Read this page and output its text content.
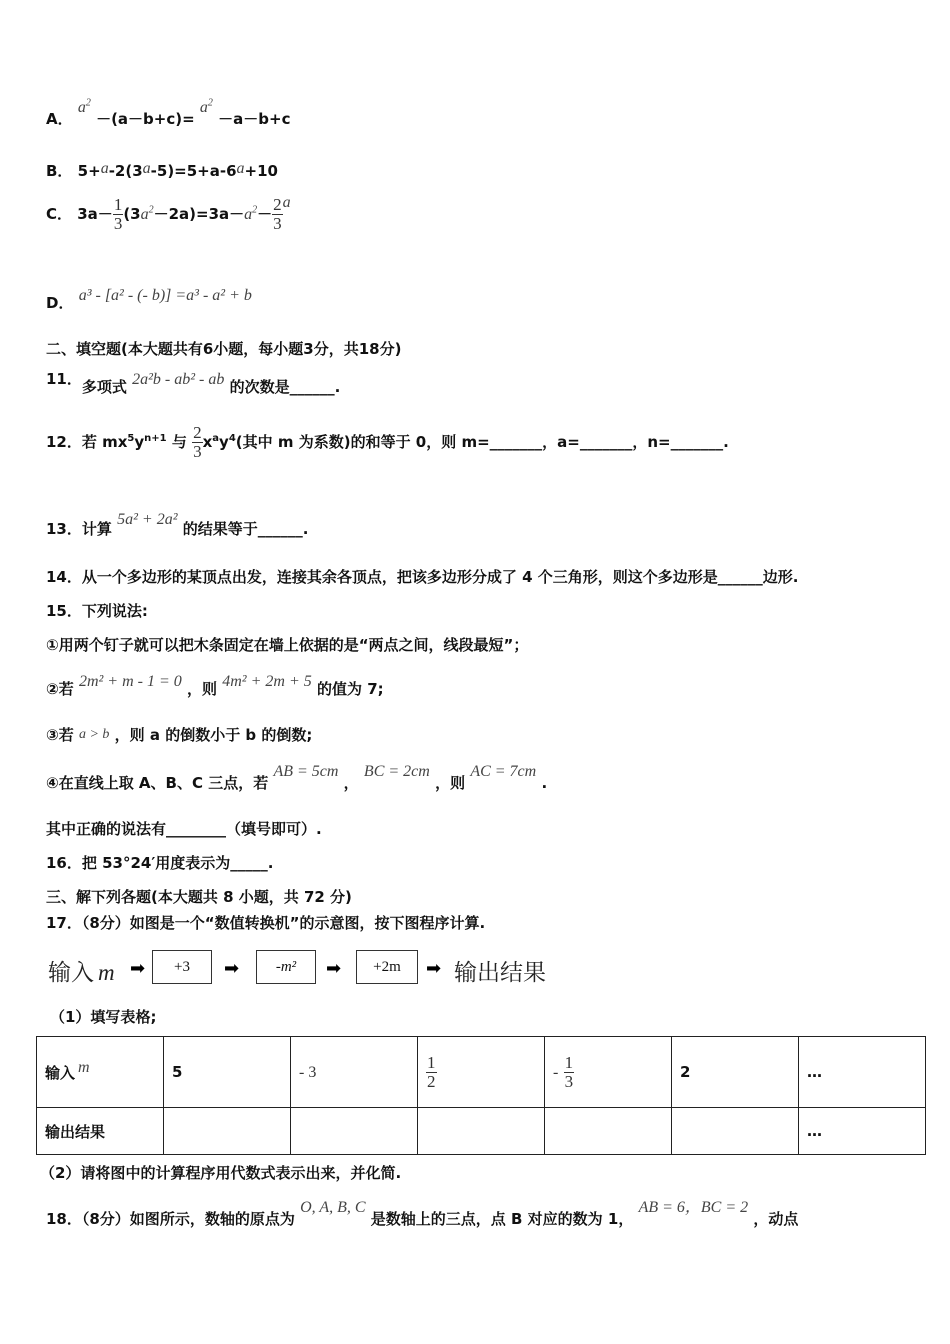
A． $a^2 -(a-b+c)= a^2 -a-b+c$
B． 5+a-2(3a-5)=5+a-6a+10
C． $3a- \frac{1}{3} (3a^2-2a)=3a-a^2- \frac{2}{3}$ a
D． a³ - [a² - (- b)] =a³ - a² + b
二、填空题(本大题共有6小题，每小题3分，共18分)
11．多项式 2a²b - ab² - ab 的次数是______.
12．若 $mx^5y^{n+1}$ 与 $\frac{2}{3} x^ay^4$(其中 m 为系数)的和等于 0，则 m=_______，a=_______，n=_______.
13．计算 5a² + 2a² 的结果等于______.
14．从一个多边形的某顶点出发，连接其余各顶点，把该多边形分成了 4 个三角形，则这个多边形是______边形.
15．下列说法:
①用两个钉子就可以把木条固定在墙上依据的是“两点之间，线段最短”；
②若 2m² + m - 1 = 0 ，则 4m² + 2m + 5 的值为 7;
③若 a > b ，则 a 的倒数小于 b 的倒数;
④在直线上取 A、B、C 三点，若 AB = 5cm ， BC = 2cm ，则 AC = 7cm .
其中正确的说法有________（填号即可）.
16．把 53°24′用度表示为_____.
三、解下列各题(本大题共 8 小题，共 72 分)
17．（8分）如图是一个“数值转换机”的示意图，按下图程序计算.
输入 m ➡	+3	➡	-m²	➡	+2m	➡ 输出结果
（1）填写表格;
输入 m	5	- 3	$\frac{1}{2}$	- $\frac{1}{3}$	2	…
输出结果						…
（2）请将图中的计算程序用代数式表示出来，并化简.
18．（8分）如图所示，数轴的原点为 O, A, B, C 是数轴上的三点，点 B 对应的数为 1， AB = 6，BC = 2 ，动点
